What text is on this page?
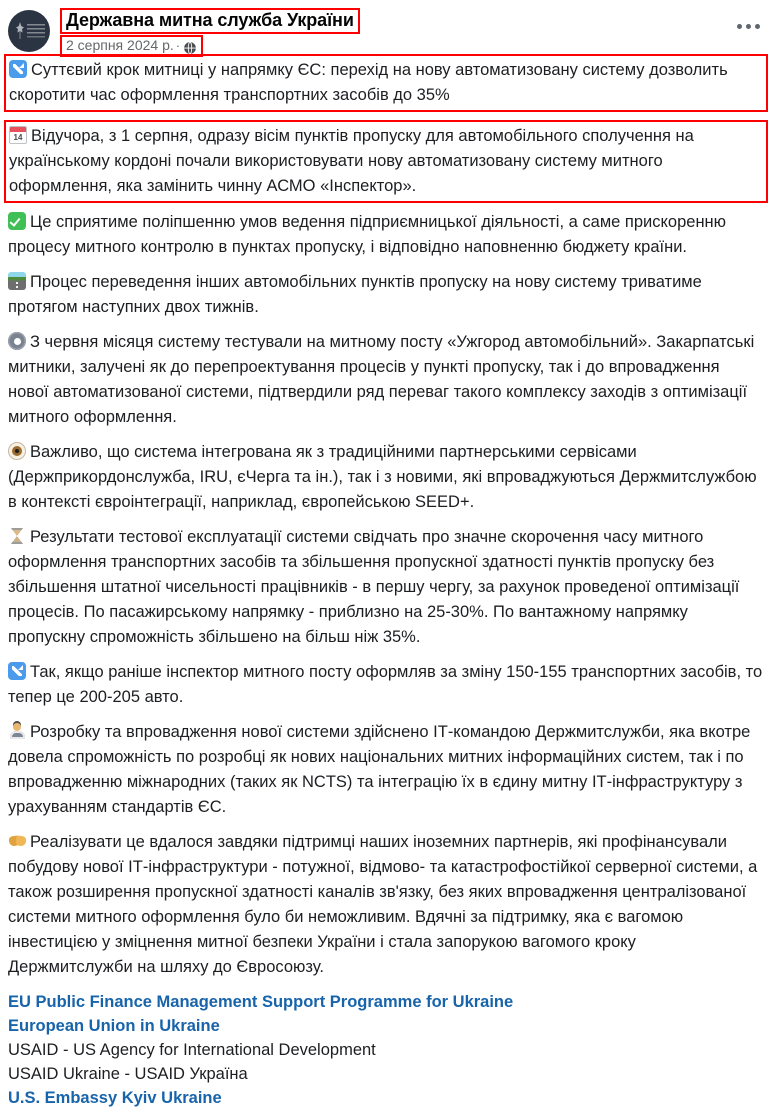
Державна митна служба України
2 серпня 2024 р. ·

Суттєвий крок митниці у напрямку ЄС: перехід на нову автоматизовану систему дозволить скоротити час оформлення транспортних засобів до 35%

14 Відучора, з 1 серпня, одразу вісім пунктів пропуску для автомобільного сполучення на українському кордоні почали використовувати нову автоматизовану систему митного оформлення, яка замінить чинну АСМО «Інспектор».

Це сприятиме поліпшенню умов ведення підприємницької діяльності, а саме прискоренню процесу митного контролю в пунктах пропуску, і відповідно наповненню бюджету країни.

Процес переведення інших автомобільних пунктів пропуску на нову систему триватиме протягом наступних двох тижнів.

З червня місяця систему тестували на митному посту «Ужгород автомобільний». Закарпатські митники, залучені як до перепроектування процесів у пункті пропуску, так і до впровадження нової автоматизованої системи, підтвердили ряд переваг такого комплексу заходів з оптимізації митного оформлення.

Важливо, що система інтегрована як з традиційними партнерськими сервісами (Держприкордонслужба, IRU, єЧерга та ін.), так і з новими, які впроваджуються Держмитслужбою в контексті євроінтеграції, наприклад, європейською SEED+.

Результати тестової експлуатації системи свідчать про значне скорочення часу митного оформлення транспортних засобів та збільшення пропускної здатності пунктів пропуску без збільшення штатної чисельності працівників - в першу чергу, за рахунок проведеної оптимізації процесів. По пасажирському напрямку - приблизно на 25-30%. По вантажному напрямку пропускну спроможність збільшено на більш ніж 35%.

Так, якщо раніше інспектор митного посту оформляв за зміну 150-155 транспортних засобів, то тепер це 200-205 авто.

Розробку та впровадження нової системи здійснено ІТ-командою Держмитслужби, яка вкотре довела спроможність по розробці як нових національних митних інформаційних систем, так і по впровадженню міжнародних (таких як NCTS) та інтеграцію їх в єдину митну ІТ-інфраструктуру з урахуванням стандартів ЄС.

Реалізувати це вдалося завдяки підтримці наших іноземних партнерів, які профінансували побудову нової ІТ-інфраструктури - потужної, відмово- та катастрофостійкої серверної системи, а також розширення пропускної здатності каналів зв'язку, без яких впровадження централізованої системи митного оформлення було би неможливим. Вдячні за підтримку, яка є вагомою інвестицією у зміцнення митної безпеки України і стала запорукою вагомого кроку Держмитслужби на шляху до Євросоюзу.

EU Public Finance Management Support Programme for Ukraine
European Union in Ukraine
USAID - US Agency for International Development
USAID Ukraine - USAID Україна
U.S. Embassy Kyiv Ukraine
